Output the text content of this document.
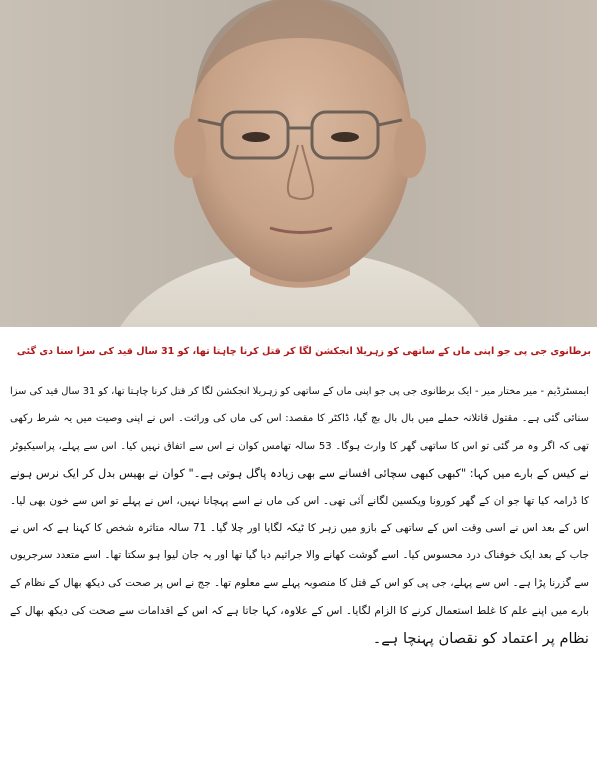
برطانوی جی پی جو اپنی ماں کے ساتھی کو زہریلا انجکشن لگا کر قتل کرنا چاہتا تھا، کو 31 سال قید کی سزا سنا دی گئی
ایمسٹرڈیم - میر مختار میر - ایک برطانوی جی پی جو اپنی ماں کے ساتھی کو زہریلا انجکشن لگا کر قتل کرنا چاہتا تھا، کو 31 سال قید کی سزا
سنائی گئی ہے۔ مقتول قاتلانہ حملے میں بال بال بچ گیا، ڈاکٹر کا مقصد: اس کی ماں کی وراثت۔ اس نے اپنی وصیت میں یہ شرط رکھی
تھی کہ اگر وہ مر گئی تو اس کا ساتھی گھر کا وارث ہوگا۔ 53 سالہ تھامس کوان نے اس سے اتفاق نہیں کیا۔ اس سے پہلے، پراسیکیوٹر
نے کیس کے بارے میں کہا: "کبھی کبھی سچائی افسانے سے بھی زیادہ پاگل ہوتی ہے۔" کوان نے بھیس بدل کر ایک نرس ہونے
کا ڈرامہ کیا تھا جو ان کے گھر کورونا ویکسین لگانے آئی تھی۔ اس کی ماں نے اسے پہچانا نہیں، اس نے پہلے تو اس سے خون بھی لیا۔
اس کے بعد اس نے اسی وقت اس کے ساتھی کے بازو میں زہر کا ٹیکہ لگایا اور چلا گیا۔ 71 سالہ متاثرہ شخص کا کہنا ہے کہ اس نے
جاب کے بعد ایک خوفناک درد محسوس کیا۔ اسے گوشت کھانے والا جراثیم دیا گیا تھا اور یہ جان لیوا ہو سکتا تھا۔ اسے متعدد سرجریوں
سے گزرنا پڑا ہے۔ اس سے پہلے، جی پی کو اس کے قتل کا منصوبہ پہلے سے معلوم تھا۔ جج نے اس پر صحت کی دیکھ بھال کے نظام کے
بارے میں اپنے علم کا غلط استعمال کرنے کا الزام لگایا۔ اس کے علاوہ، کہا جاتا ہے کہ اس کے اقدامات سے صحت کی دیکھ بھال کے
نظام پر اعتماد کو نقصان پہنچا ہے۔
